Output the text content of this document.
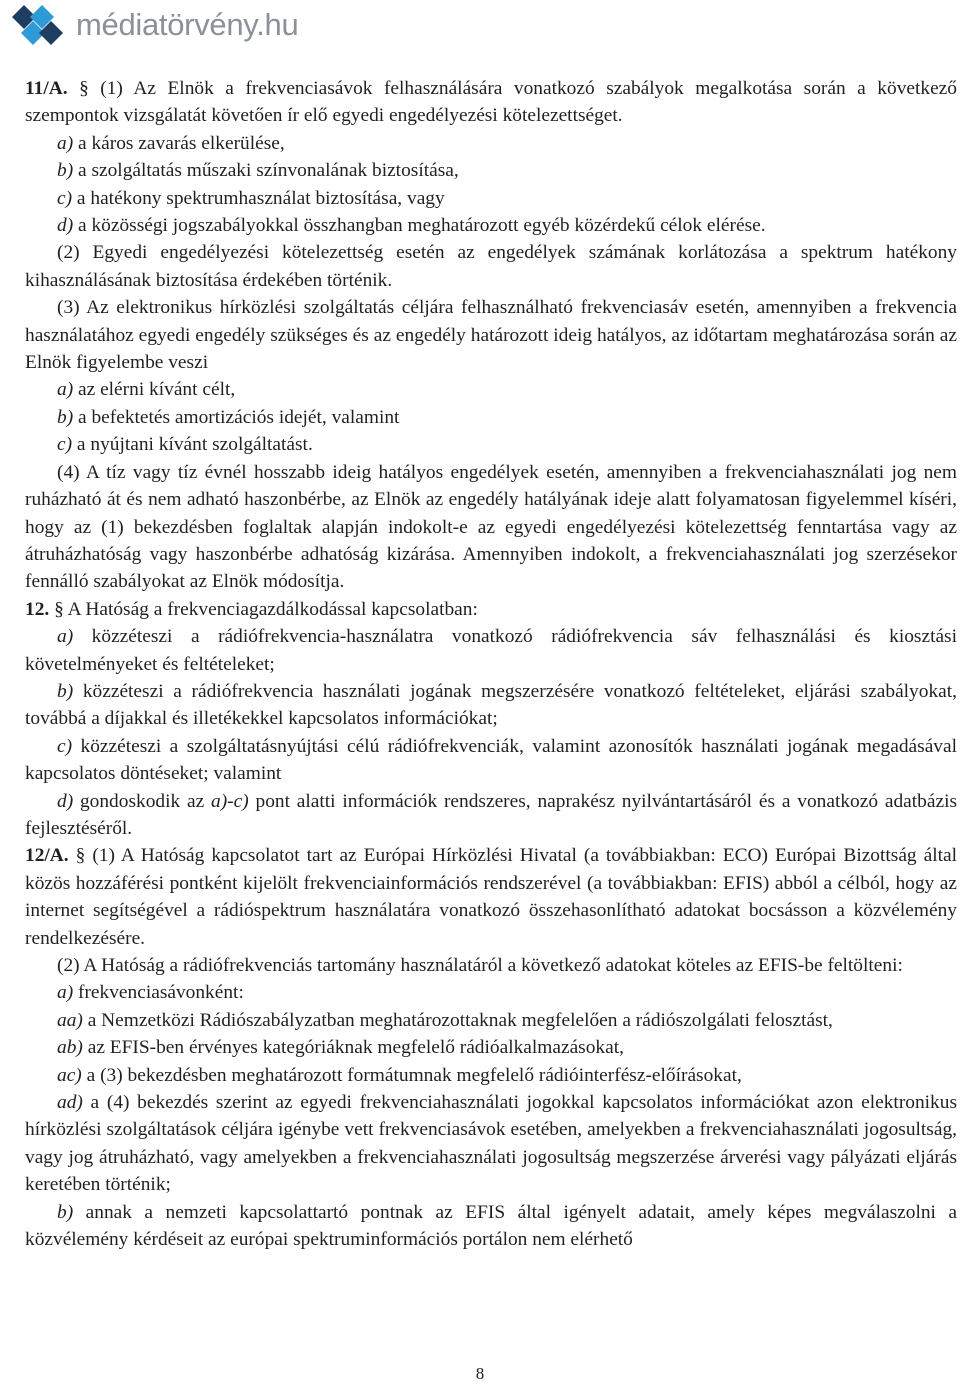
médiatörvény.hu

11/A. § (1) Az Elnök a frekvenciasávok felhasználására vonatkozó szabályok megalkotása során a következő szempontok vizsgálatát követően ír elő egyedi engedélyezési kötelezettséget.

a) a káros zavarás elkerülése,

b) a szolgáltatás műszaki színvonalának biztosítása,

c) a hatékony spektrumhasználat biztosítása, vagy

d) a közösségi jogszabályokkal összhangban meghatározott egyéb közérdekű célok elérése.

(2) Egyedi engedélyezési kötelezettség esetén az engedélyek számának korlátozása a spektrum hatékony kihasználásának biztosítása érdekében történik.

(3) Az elektronikus hírközlési szolgáltatás céljára felhasználható frekvenciasáv esetén, amennyiben a frekvencia használatához egyedi engedély szükséges és az engedély határozott ideig hatályos, az időtartam meghatározása során az Elnök figyelembe veszi

a) az elérni kívánt célt,

b) a befektetés amortizációs idejét, valamint

c) a nyújtani kívánt szolgáltatást.

(4) A tíz vagy tíz évnél hosszabb ideig hatályos engedélyek esetén, amennyiben a frekvenciahasználati jog nem ruházható át és nem adható haszonbérbe, az Elnök az engedély hatályának ideje alatt folyamatosan figyelemmel kíséri, hogy az (1) bekezdésben foglaltak alapján indokolt-e az egyedi engedélyezési kötelezettség fenntartása vagy az átruházhatóság vagy haszonbérbe adhatóság kizárása. Amennyiben indokolt, a frekvenciahasználati jog szerzésekor fennálló szabályokat az Elnök módosítja.

12. § A Hatóság a frekvenciagazdálkodással kapcsolatban:

a) közzéteszi a rádiófrekvencia-használatra vonatkozó rádiófrekvencia sáv felhasználási és kiosztási követelményeket és feltételeket;

b) közzéteszi a rádiófrekvencia használati jogának megszerzésére vonatkozó feltételeket, eljárási szabályokat, továbbá a díjakkal és illetékekkel kapcsolatos információkat;

c) közzéteszi a szolgáltatásnyújtási célú rádiófrekvenciák, valamint azonosítók használati jogának megadásával kapcsolatos döntéseket; valamint

d) gondoskodik az a)-c) pont alatti információk rendszeres, naprakész nyilvántartásáról és a vonatkozó adatbázis fejlesztéséről.

12/A. § (1) A Hatóság kapcsolatot tart az Európai Hírközlési Hivatal (a továbbiakban: ECO) Európai Bizottság által közös hozzáférési pontként kijelölt frekvenciainformációs rendszerével (a továbbiakban: EFIS) abból a célból, hogy az internet segítségével a rádióspektrum használatára vonatkozó összehasonlítható adatokat bocsásson a közvélemény rendelkezésére.

(2) A Hatóság a rádiófrekvenciás tartomány használatáról a következő adatokat köteles az EFIS-be feltölteni:

a) frekvenciasávonként:

aa) a Nemzetközi Rádiószabályzatban meghatározottaknak megfelelően a rádiószolgálati felosztást,

ab) az EFIS-ben érvényes kategóriáknak megfelelő rádióalkalmazásokat,

ac) a (3) bekezdésben meghatározott formátumnak megfelelő rádióinterfész-előírásokat,

ad) a (4) bekezdés szerint az egyedi frekvenciahasználati jogokkal kapcsolatos információkat azon elektronikus hírközlési szolgáltatások céljára igénybe vett frekvenciasávok esetében, amelyekben a frekvenciahasználati jogosultság, vagy jog átruházható, vagy amelyekben a frekvenciahasználati jogosultság megszerzése árverési vagy pályázati eljárás keretében történik;

b) annak a nemzeti kapcsolattartó pontnak az EFIS által igényelt adatait, amely képes megválaszolni a közvélemény kérdéseit az európai spektruminformációs portálon nem elérhető

8
